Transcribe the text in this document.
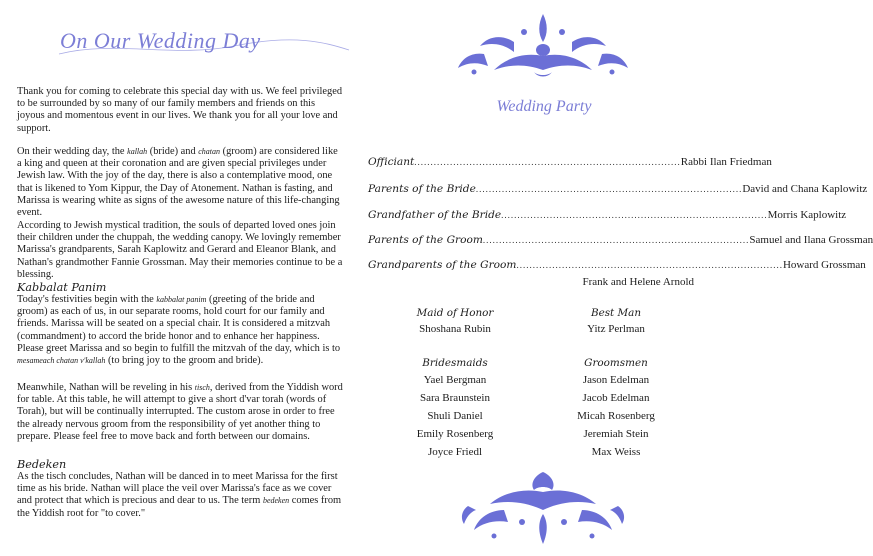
On Our Wedding Day
Thank you for coming to celebrate this special day with us. We feel privileged to be surrounded by so many of our family members and friends on this joyous and momentous event in our lives. We thank you for all your love and support.
On their wedding day, the kallah (bride) and chatan (groom) are considered like a king and queen at their coronation and are given special privileges under Jewish law. With the joy of the day, there is also a contemplative mood, one that is likened to Yom Kippur, the Day of Atonement. Nathan is fasting, and Marissa is wearing white as signs of the awesome nature of this life-changing event.
According to Jewish mystical tradition, the souls of departed loved ones join their children under the chuppah, the wedding canopy. We lovingly remember Marissa's grandparents, Sarah Kaplowitz and Gerard and Eleanor Blank, and Nathan's grandmother Fannie Grossman. May their memories continue to be a blessing.
Kabbalat Panim
Today's festivities begin with the kabbalat panim (greeting of the bride and groom) as each of us, in our separate rooms, hold court for our family and friends. Marissa will be seated on a special chair. It is considered a mitzvah (commandment) to accord the bride honor and to enhance her happiness. Please greet Marissa and so begin to fulfill the mitzvah of the day, which is to mesameach chatan v'kallah (to bring joy to the groom and bride).
Meanwhile, Nathan will be reveling in his tisch, derived from the Yiddish word for table. At this table, he will attempt to give a short d'var torah (words of Torah), but will be continually interrupted. The custom arose in order to free the already nervous groom from the responsibility of yet another thing to prepare. Please feel free to move back and forth between our domains.
Bedeken
As the tisch concludes, Nathan will be danced in to meet Marissa for the first time as his bride. Nathan will place the veil over Marissa's face as we cover and protect that which is precious and dear to us. The term bedeken comes from the Yiddish root for "to cover."
Wedding Party
Officiant .................................................................................. Rabbi Ilan Friedman
Parents of the Bride .................................................................................. David and Chana Kaplowitz
Grandfather of the Bride .................................................................................. Morris Kaplowitz
Parents of the Groom .................................................................................. Samuel and Ilana Grossman
Grandparents of the Groom .................................................................................. Howard Grossman
Frank and Helene Arnold
Maid of Honor
Shoshana Rubin
Best Man
Yitz Perlman
Bridesmaids
Yael Bergman
Sara Braunstein
Shuli Daniel
Emily Rosenberg
Joyce Friedl
Groomsmen
Jason Edelman
Jacob Edelman
Micah Rosenberg
Jeremiah Stein
Max Weiss
